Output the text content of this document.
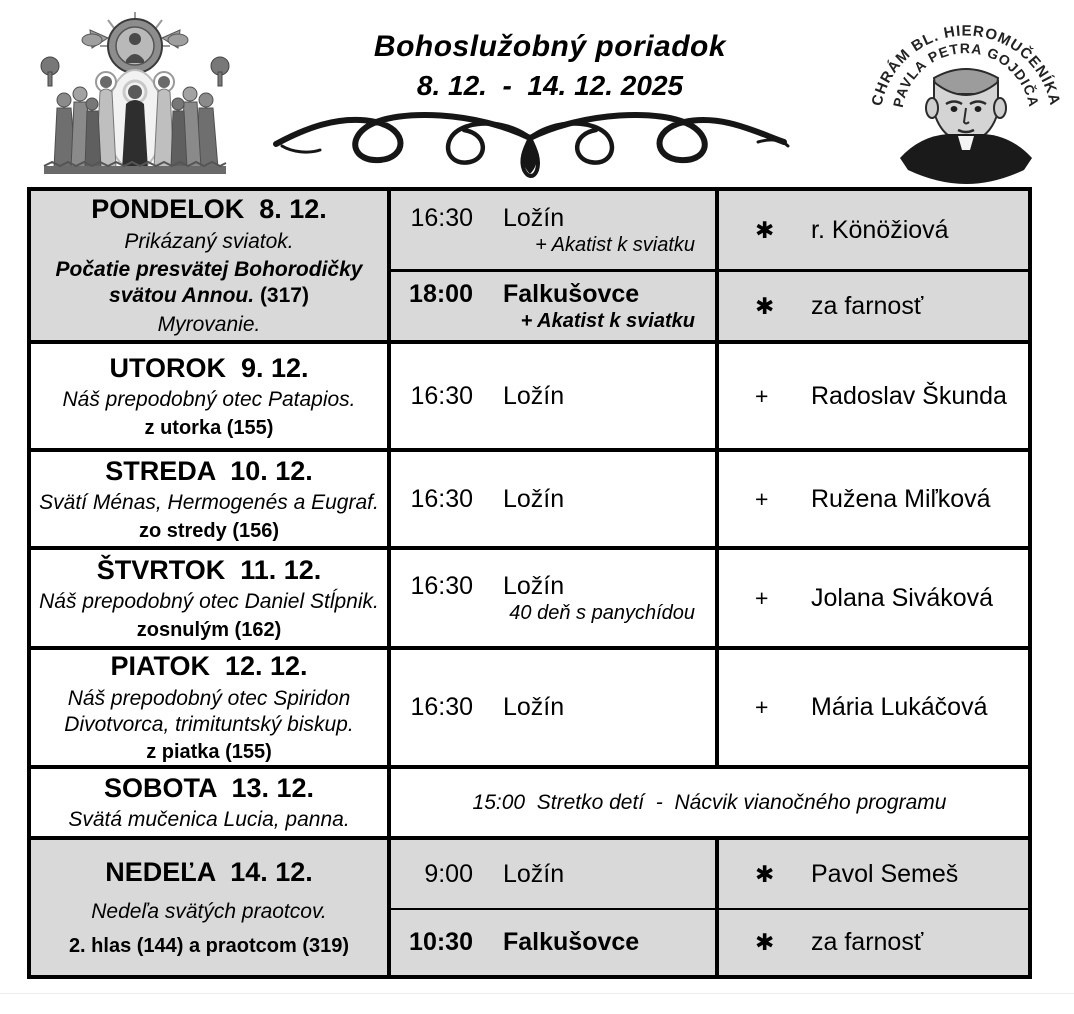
Bohoslužobný poriadok
8. 12.  -  14. 12. 2025	CHRÁM BL. HIEROMUČENÍKA
PAVLA PETRA GOJDIČA
PONDELOK  8. 12.
Prikázaný sviatok.
Počatie presvätej Bohorodičky svätou Annou. (317)
Myrovanie.
16:30 Ložín
+ Akatist k sviatku
✱	r. Könöžiová
18:00 Falkušovce
+ Akatist k sviatku
✱	za farnosť
UTOROK  9. 12.
Náš prepodobný otec Patapios.
z utorka (155)
16:30 Ložín	+	Radoslav Škunda
STREDA  10. 12.
Svätí Ménas, Hermogenés a Eugraf.
zo stredy (156)
16:30 Ložín	+	Ružena Miľková
ŠTVRTOK  11. 12.
Náš prepodobný otec Daniel Stĺpnik.
zosnulým (162)
16:30 Ložín
40 deň s panychídou
+	Jolana Siváková
PIATOK  12. 12.
Náš prepodobný otec Spiridon Divotvorca, trimituntský biskup.
z piatka (155)
16:30 Ložín	+	Mária Lukáčová
SOBOTA  13. 12.
Svätá mučenica Lucia, panna.
15:00  Stretko detí  -  Nácvik vianočného programu
NEDEĽA  14. 12.
Nedeľa svätých praotcov.
2. hlas (144) a praotcom (319)
9:00 Ložín	✱	Pavol Semeš
10:30 Falkušovce	✱	za farnosť
